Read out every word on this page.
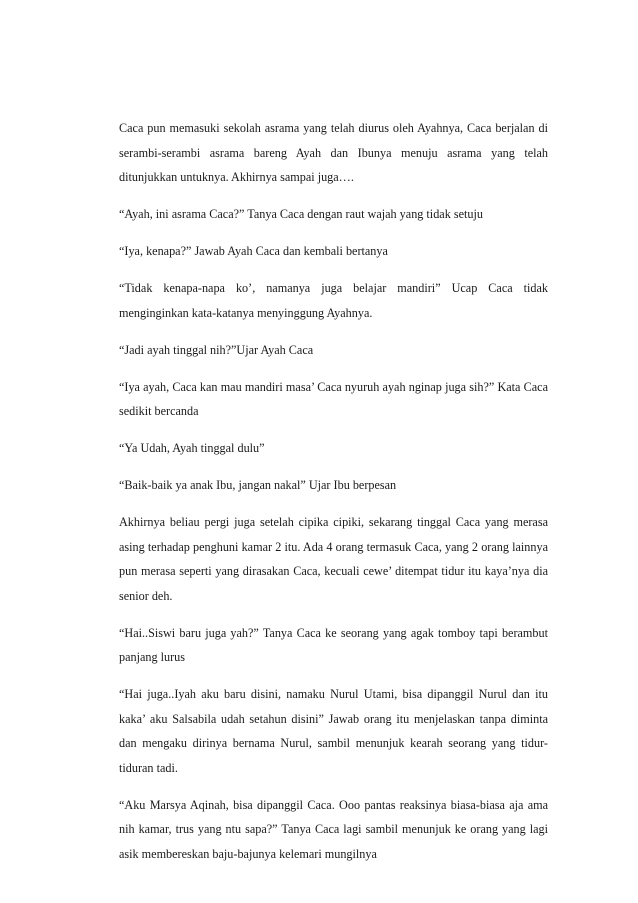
Caca pun memasuki sekolah asrama yang telah diurus oleh Ayahnya, Caca berjalan di serambi-serambi asrama bareng Ayah dan Ibunya menuju asrama yang telah ditunjukkan untuknya. Akhirnya sampai juga….

“Ayah, ini asrama Caca?” Tanya Caca dengan raut wajah yang tidak setuju

“Iya, kenapa?” Jawab Ayah Caca dan kembali bertanya

“Tidak kenapa-napa ko’, namanya juga belajar mandiri” Ucap Caca tidak menginginkan kata-katanya menyinggung Ayahnya.

“Jadi ayah tinggal nih?”Ujar Ayah Caca

“Iya ayah, Caca kan mau mandiri masa’ Caca nyuruh ayah nginap juga sih?” Kata Caca sedikit bercanda

“Ya Udah, Ayah tinggal dulu”

“Baik-baik ya anak Ibu, jangan nakal” Ujar Ibu berpesan

Akhirnya beliau pergi juga setelah cipika cipiki, sekarang tinggal Caca yang merasa asing terhadap penghuni kamar 2 itu. Ada 4 orang termasuk Caca, yang 2 orang lainnya pun merasa seperti yang dirasakan Caca, kecuali cewe’ ditempat tidur itu kaya’nya dia senior deh.

“Hai..Siswi baru juga yah?” Tanya Caca ke seorang yang agak tomboy tapi berambut panjang lurus

“Hai juga..Iyah aku baru disini, namaku Nurul Utami, bisa dipanggil Nurul dan itu kaka’ aku Salsabila udah setahun disini” Jawab orang itu menjelaskan tanpa diminta dan mengaku dirinya bernama Nurul, sambil menunjuk kearah seorang yang tidur-tiduran tadi.

“Aku Marsya Aqinah, bisa dipanggil Caca. Ooo pantas reaksinya biasa-biasa aja ama nih kamar, trus yang ntu sapa?” Tanya Caca lagi sambil menunjuk ke orang yang lagi asik membereskan baju-bajunya kelemari mungilnya
